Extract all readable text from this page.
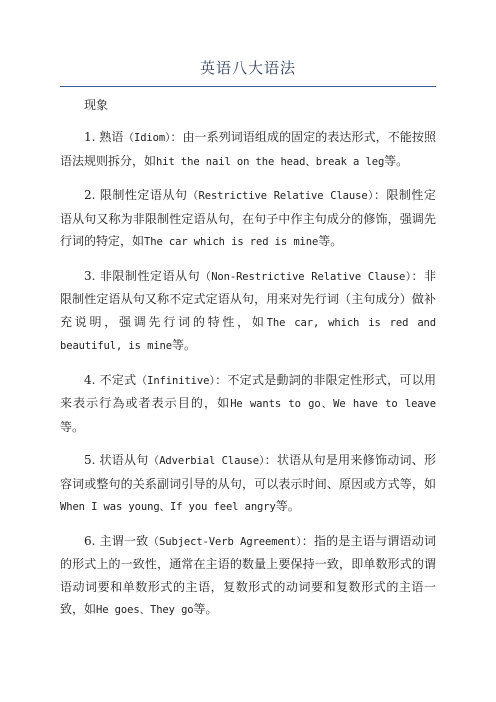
英语八大语法

现象

1. 熟语（Idiom）：由一系列词语组成的固定的表达形式，不能按照语法规则拆分，如hit the nail on the head、break a leg等。

2. 限制性定语从句（Restrictive Relative Clause）：限制性定语从句又称为非限制性定语从句，在句子中作主句成分的修饰，强调先行词的特定，如The car which is red is mine等。

3. 非限制性定语从句（Non-Restrictive Relative Clause）：非限制性定语从句又称不定式定语从句，用来对先行词（主句成分）做补充说明，强调先行词的特性，如The car, which is red and beautiful, is mine等。

4. 不定式（Infinitive）：不定式是動詞的非限定性形式，可以用来表示行為或者表示目的，如He wants to go、We have to leave等。

5. 状语从句（Adverbial Clause）：状语从句是用来修饰动词、形容词或整句的关系副词引导的从句，可以表示时间、原因或方式等，如When I was young、If you feel angry等。

6. 主谓一致（Subject-Verb Agreement）：指的是主语与谓语动词的形式上的一致性，通常在主语的数量上要保持一致，即单数形式的谓语动词要和单数形式的主语，复数形式的动词要和复数形式的主语一致，如He goes、They go等。
